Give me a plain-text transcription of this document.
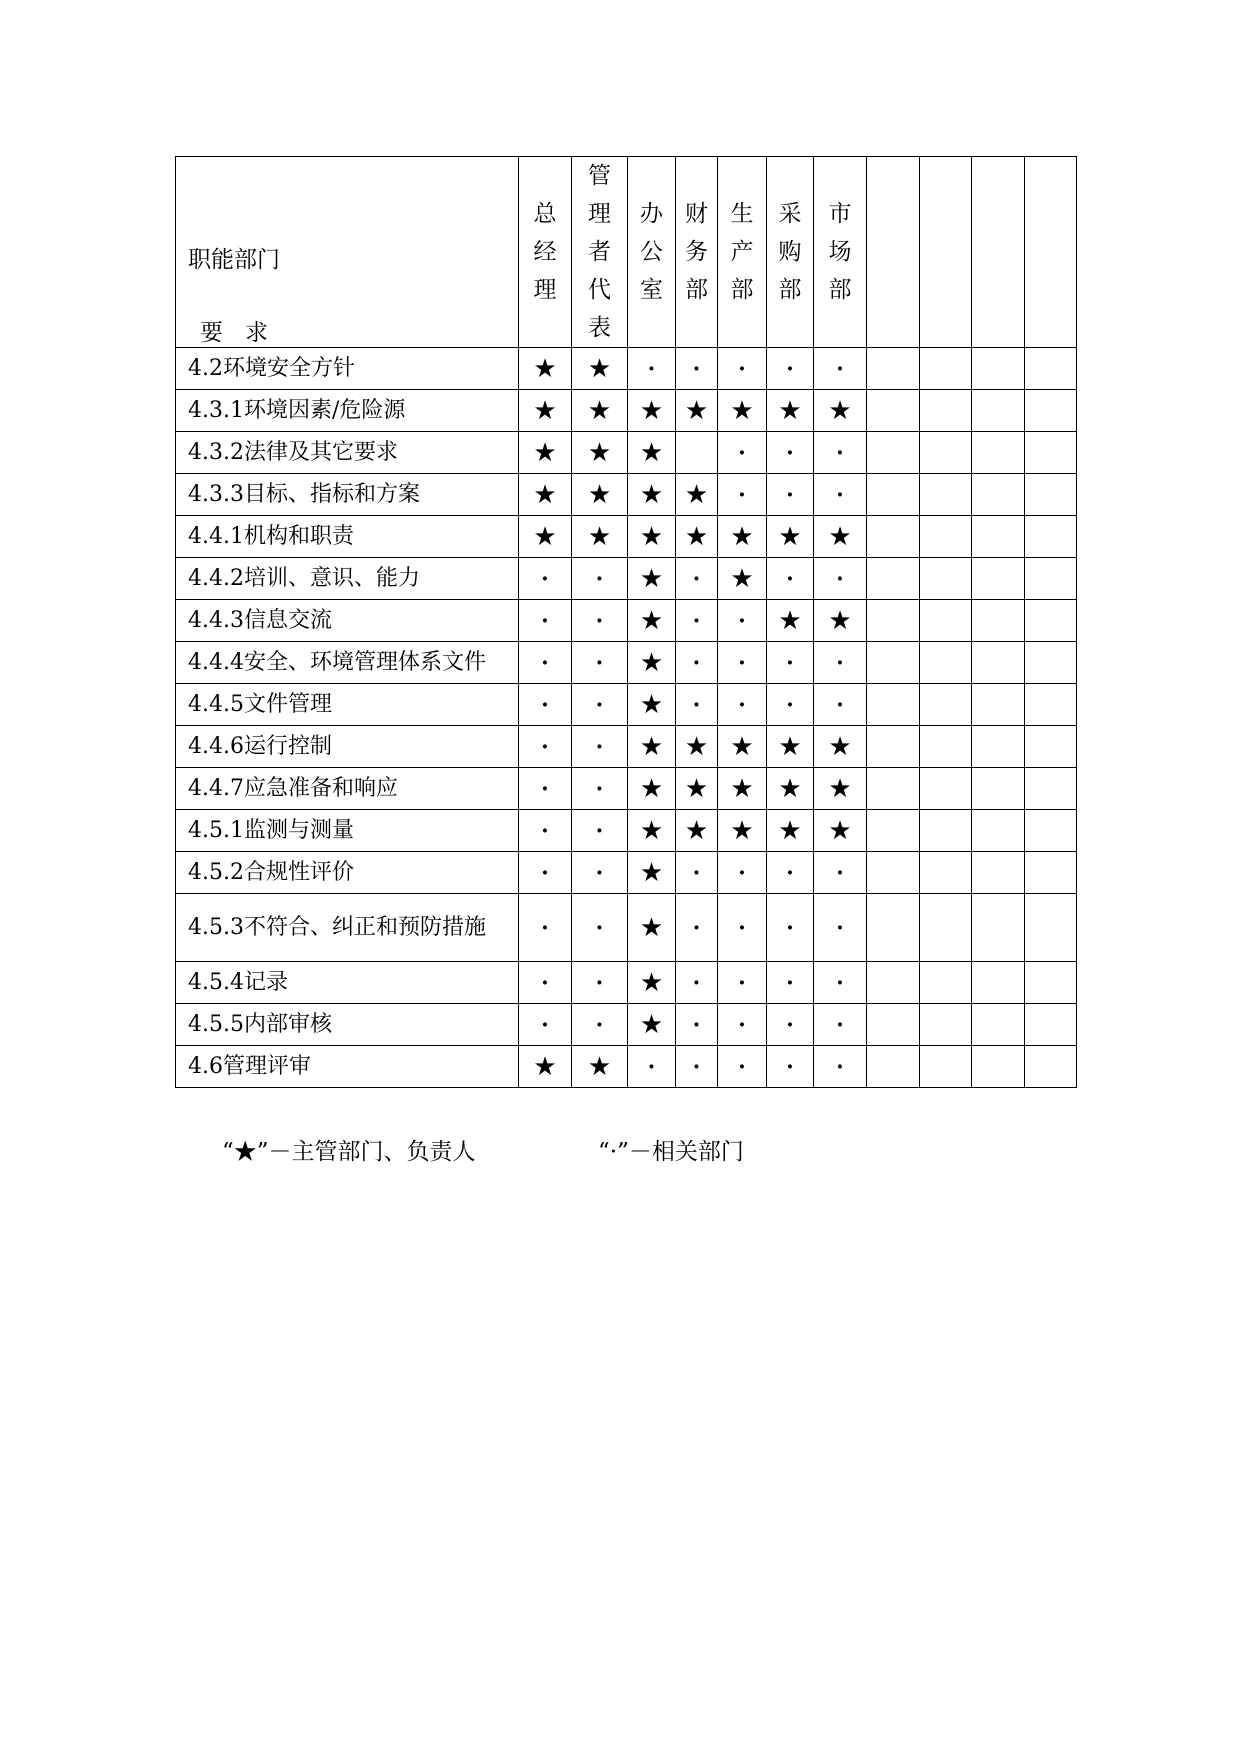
职能部门
要求	总经理	管理者代表	办公室	财务部	生产部	采购部	市场部				
4.2环境安全方针	★	★	·	·	·	·	·				
4.3.1环境因素/危险源	★	★	★	★	★	★	★				
4.3.2法律及其它要求	★	★	★		·	·	·				
4.3.3目标、指标和方案	★	★	★	★	·	·	·				
4.4.1机构和职责	★	★	★	★	★	★	★				
4.4.2培训、意识、能力	·	·	★	·	★	·	·				
4.4.3信息交流	·	·	★	·	·	★	★				
4.4.4安全、环境管理体系文件	·	·	★	·	·	·	·				
4.4.5文件管理	·	·	★	·	·	·	·				
4.4.6运行控制	·	·	★	★	★	★	★				
4.4.7应急准备和响应	·	·	★	★	★	★	★				
4.5.1监测与测量	·	·	★	★	★	★	★				
4.5.2合规性评价	·	·	★	·	·	·	·				
4.5.3不符合、纠正和预防措施	·	·	★	·	·	·	·				
4.5.4记录	·	·	★	·	·	·	·				
4.5.5内部审核	·	·	★	·	·	·	·				
4.6管理评审	★	★	·	·	·	·	·				
“★”－主管部门、负责人	“·”－相关部门
